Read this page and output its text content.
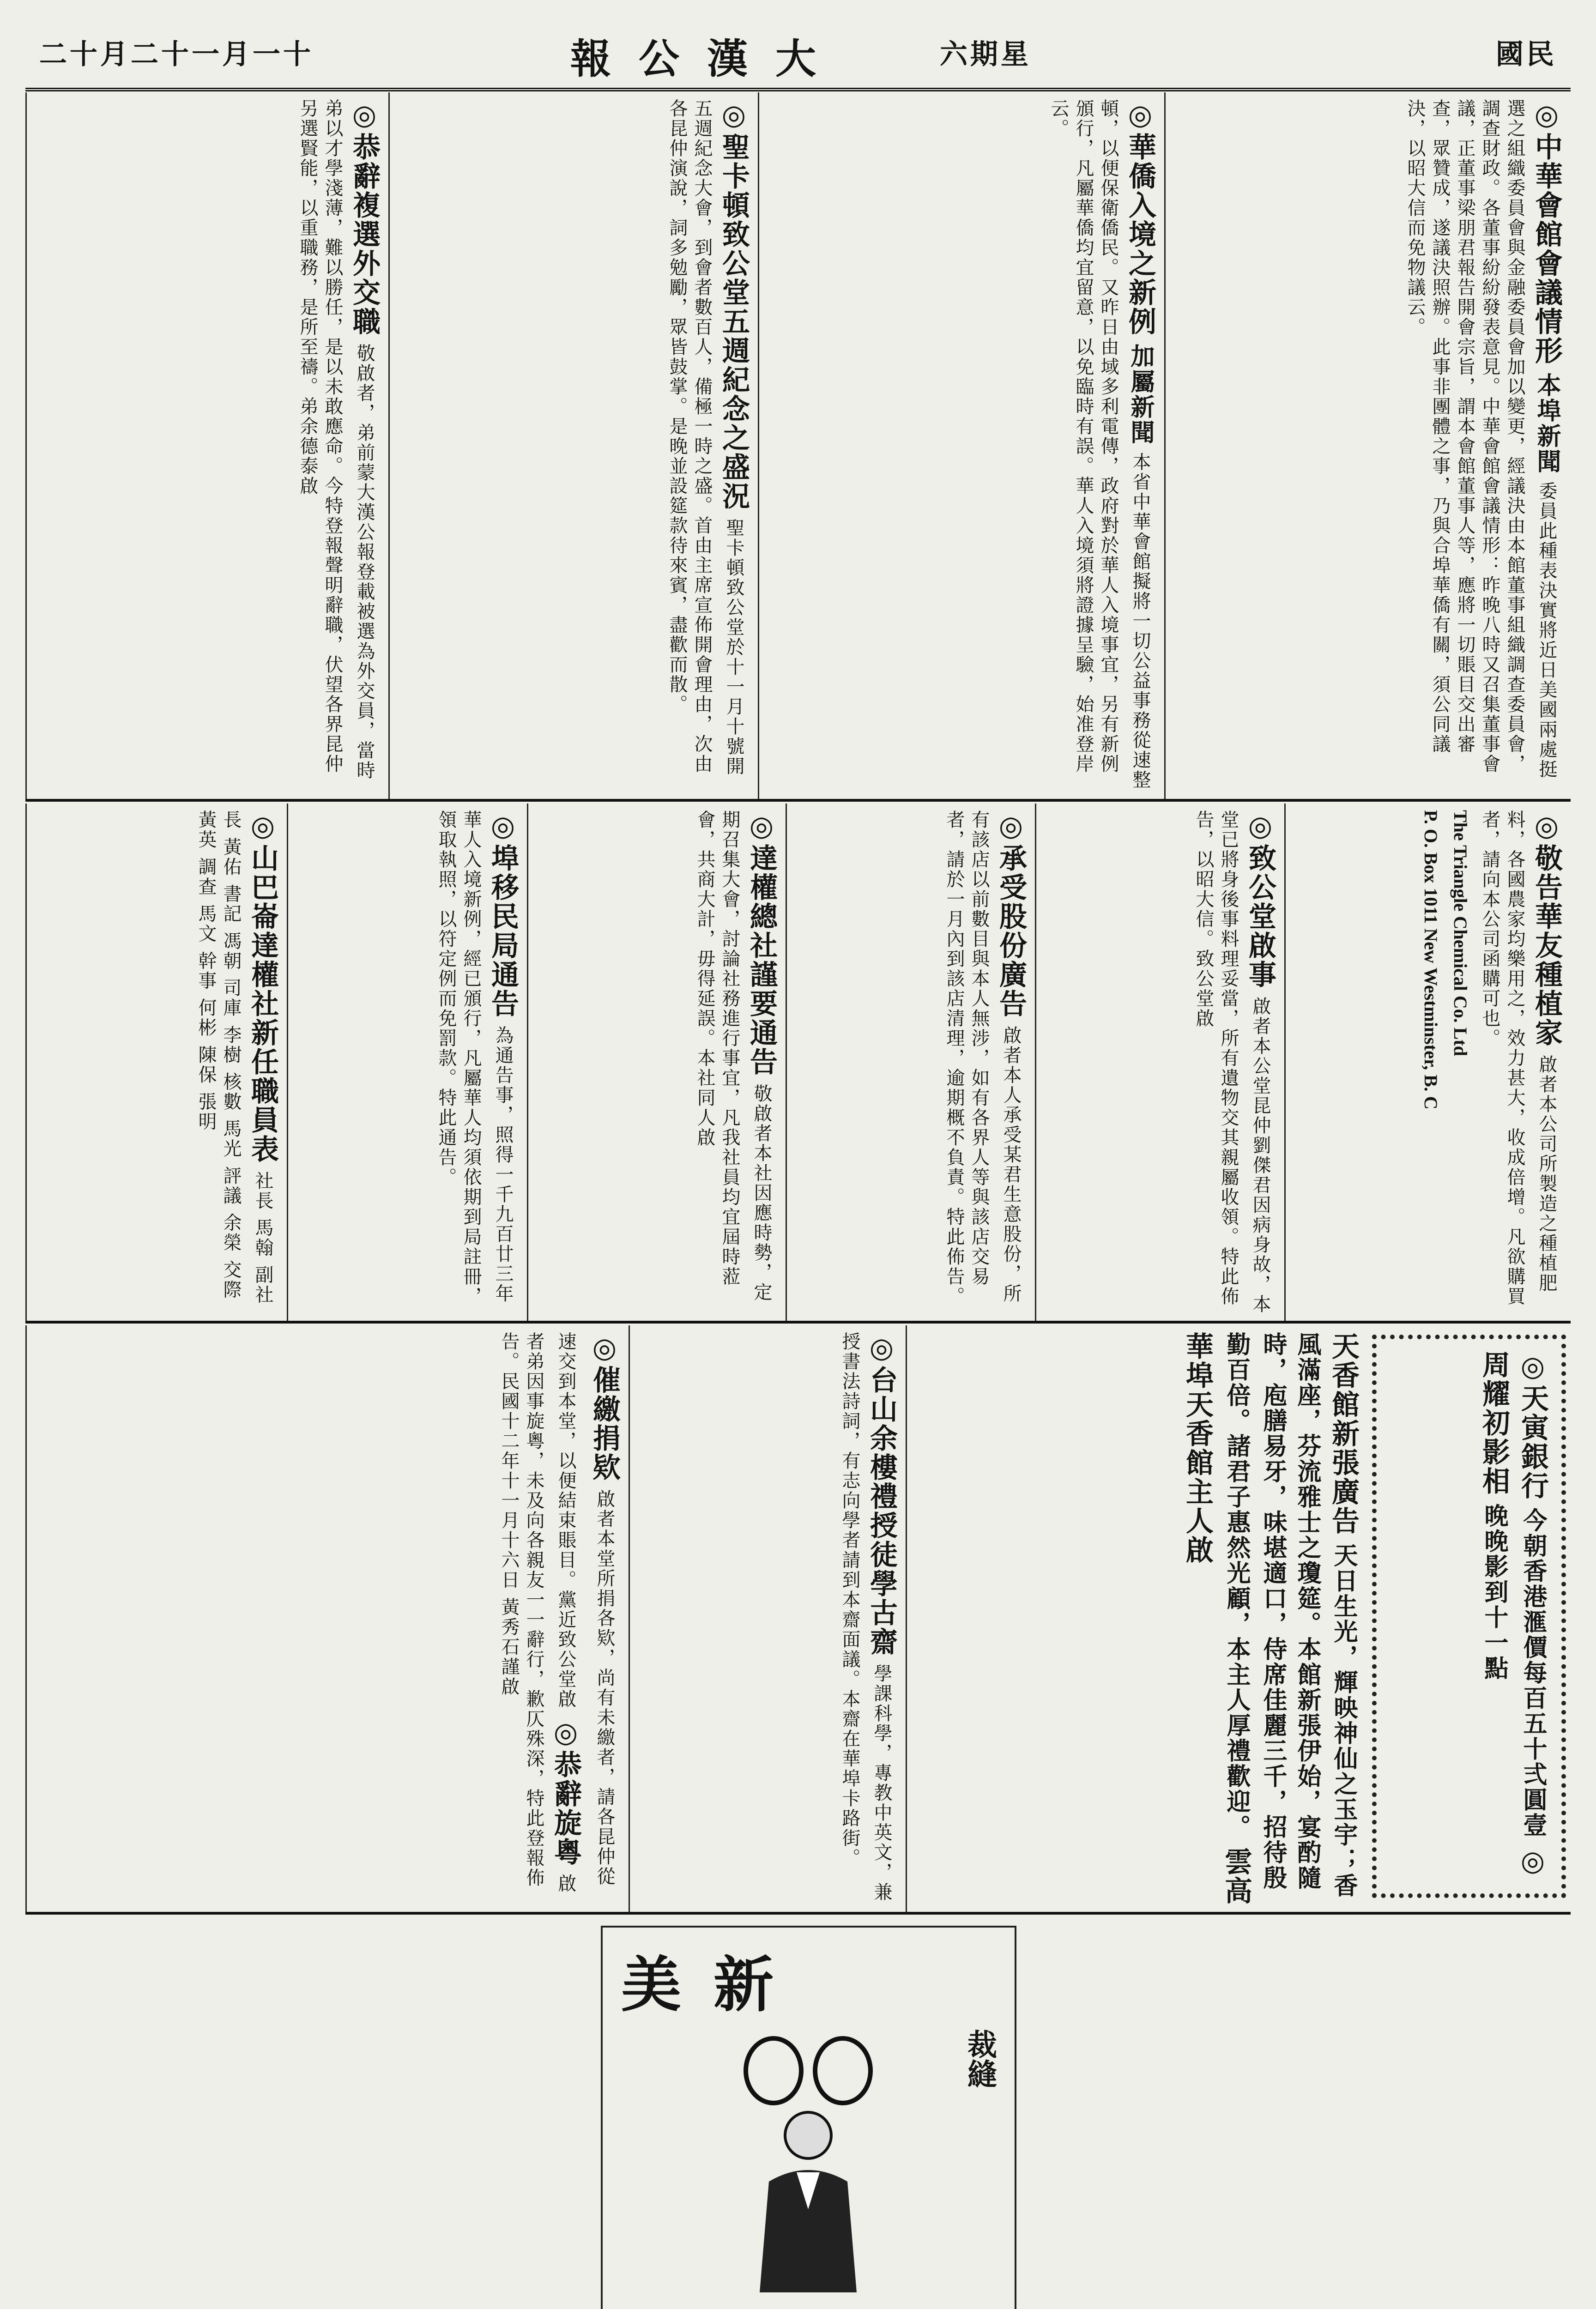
二十月二十一月一十	報公漢大	六期星	國民
◎中華會館會議情形 本埠新聞 委員此種表決實將近日美國兩處挺選之組織委員會與金融委員會加以變更，經議決由本館董事組織調查委員會，調查財政。各董事紛紛發表意見。中華會館會議情形：昨晚八時又召集董事會議，正董事梁朋君報告開會宗旨，謂本會館董事人等，應將一切賬目交出審查，眾贊成，遂議決照辦。此事非團體之事，乃與合埠華僑有關，須公同議決，以昭大信而免物議云。
◎華僑入境之新例 加屬新聞 本省中華會館擬將一切公益事務從速整頓，以便保衛僑民。又昨日由域多利電傳，政府對於華人入境事宜，另有新例頒行，凡屬華僑均宜留意，以免臨時有誤。華人入境須將證據呈驗，始准登岸云。
◎聖卡頓致公堂五週紀念之盛況 聖卡頓致公堂於十一月十號開五週紀念大會，到會者數百人，備極一時之盛。首由主席宣佈開會理由，次由各昆仲演說，詞多勉勵，眾皆鼓掌。是晚並設筵款待來賓，盡歡而散。
◎恭辭複選外交職 敬啟者，弟前蒙大漢公報登載被選為外交員，當時弟以才學淺薄，難以勝任，是以未敢應命。今特登報聲明辭職，伏望各界昆仲另選賢能，以重職務，是所至禱。弟余德泰啟
◎敬告華友種植家 啟者本公司所製造之種植肥料，各國農家均樂用之，效力甚大，收成倍增。凡欲購買者，請向本公司函購可也。
The Triangle Chemical Co. Ltd
P. O. Box 1011 New Westminster, B. C
◎致公堂啟事 啟者本公堂昆仲劉傑君因病身故，本堂已將身後事料理妥當，所有遺物交其親屬收領。特此佈告，以昭大信。致公堂啟
◎承受股份廣告 啟者本人承受某君生意股份，所有該店以前數目與本人無涉，如有各界人等與該店交易者，請於一月內到該店清理，逾期概不負責。特此佈告。
◎達權總社謹要通告 敬啟者本社因應時勢，定期召集大會，討論社務進行事宜，凡我社員均宜屆時蒞會，共商大計，毋得延誤。本社同人啟
◎埠移民局通告 為通告事，照得一千九百廿三年華人入境新例，經已頒行，凡屬華人均須依期到局註冊，領取執照，以符定例而免罰款。特此通告。
◎山巴崙達權社新任職員表 社長 馬翰 副社長 黃佑 書記 馮朝 司庫 李樹 核數 馬光 評議 余榮 交際 黃英 調查 馬文 幹事 何彬 陳保 張明
◎天寅銀行 今朝香港滙價每百五十弍圓壹 ◎周耀初影相 晚晚影到十一點
天香館新張廣告 天日生光，輝映神仙之玉宇；香風滿座，芬流雅士之瓊筵。本館新張伊始，宴酌隨時，庖膳易牙，味堪適口，侍席佳麗三千，招待殷勤百倍。諸君子惠然光顧，本主人厚禮歡迎。 雲高華埠天香館主人啟
◎台山余樓禮授徒學古齋 學課科學，專教中英文，兼授書法詩詞，有志向學者請到本齋面議。本齋在華埠卡路街。
◎催繳捐欵 啟者本堂所捐各欵，尚有未繳者，請各昆仲從速交到本堂，以便結束賬目。黨近致公堂啟 ◎恭辭旋粵 啟者弟因事旋粵，未及向各親友一一辭行，歉仄殊深，特此登報佈告。民國十二年十一月十六日 黃秀石謹啟
美新
裁縫
